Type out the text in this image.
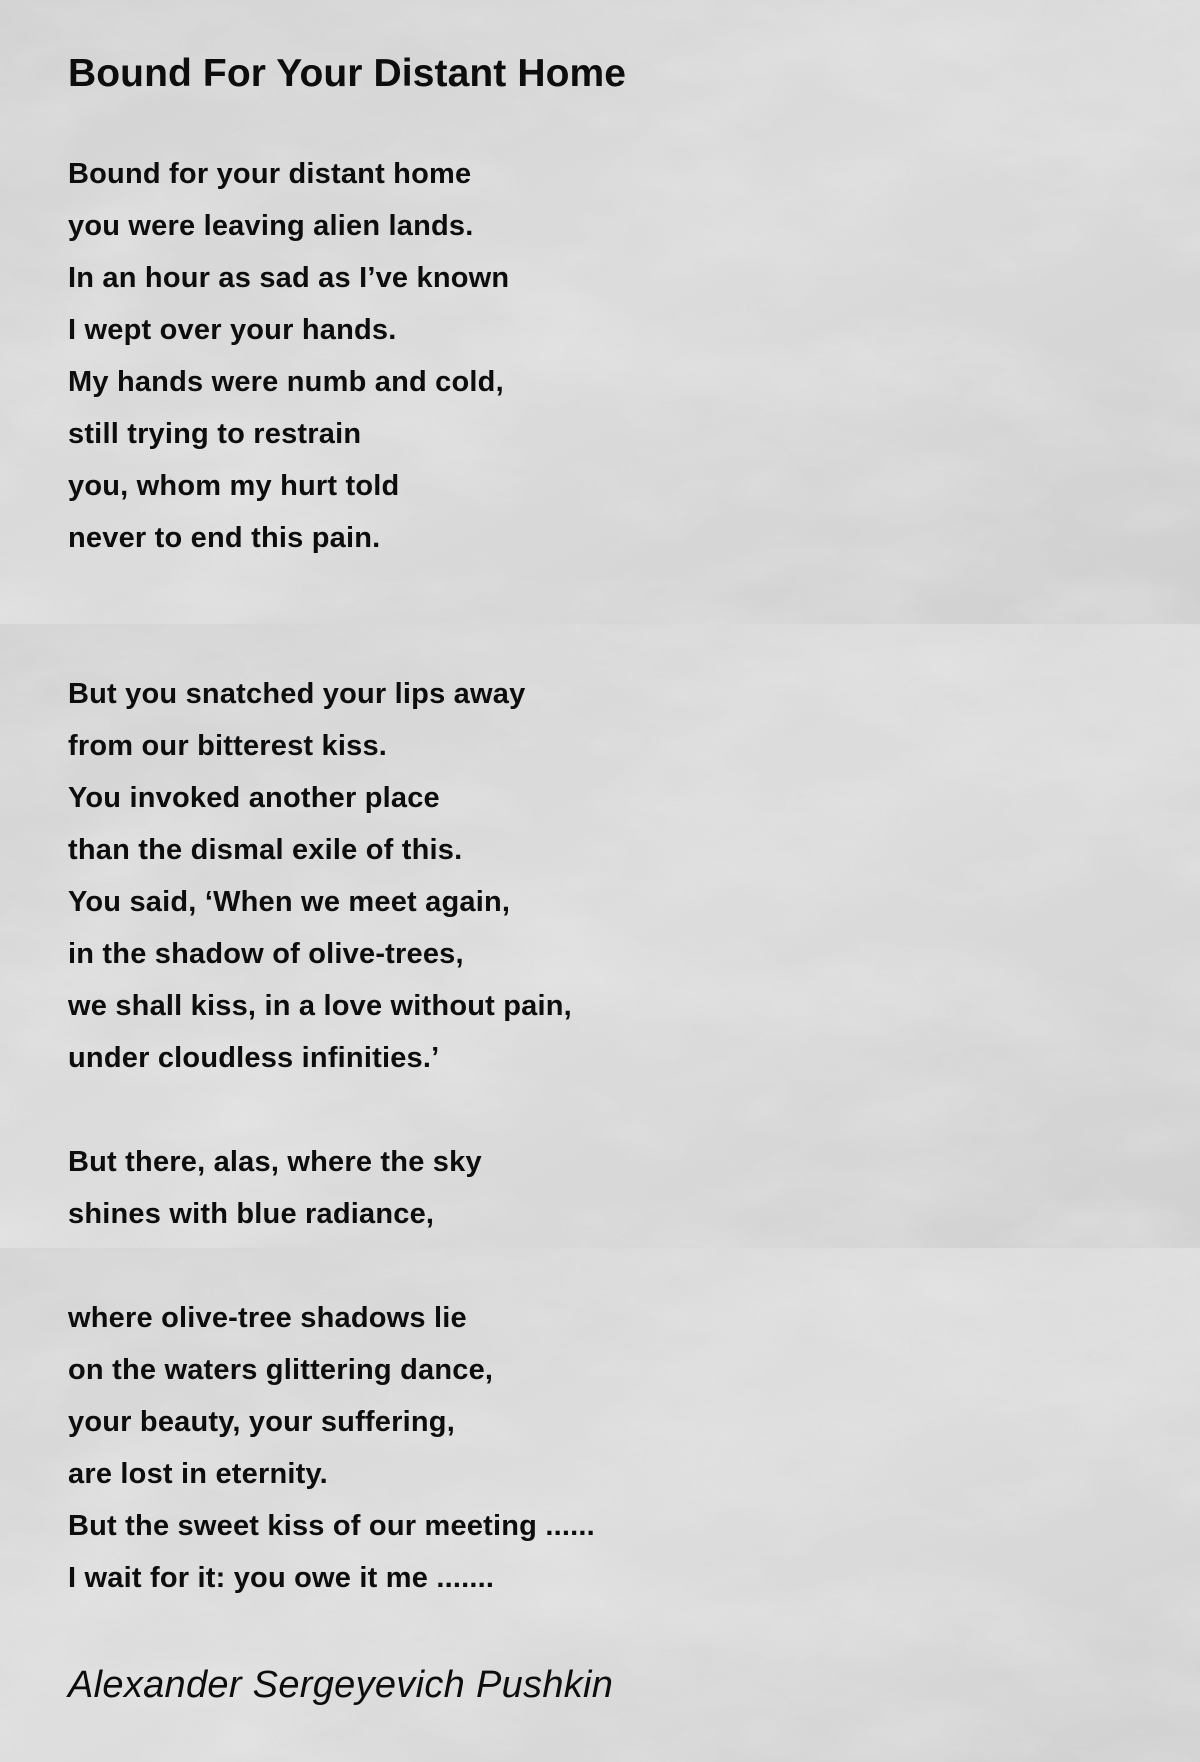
Bound For Your Distant Home
Bound for your distant home
you were leaving alien lands.
In an hour as sad as I’ve known
I wept over your hands.
My hands were numb and cold,
still trying to restrain
you, whom my hurt told
never to end this pain.
But you snatched your lips away
from our bitterest kiss.
You invoked another place
than the dismal exile of this.
You said, ‘When we meet again,
in the shadow of olive-trees,
we shall kiss, in a love without pain,
under cloudless infinities.’
But there, alas, where the sky
shines with blue radiance,
where olive-tree shadows lie
on the waters glittering dance,
your beauty, your suffering,
are lost in eternity.
But the sweet kiss of our meeting ......
I wait for it: you owe it me .......
Alexander Sergeyevich Pushkin
